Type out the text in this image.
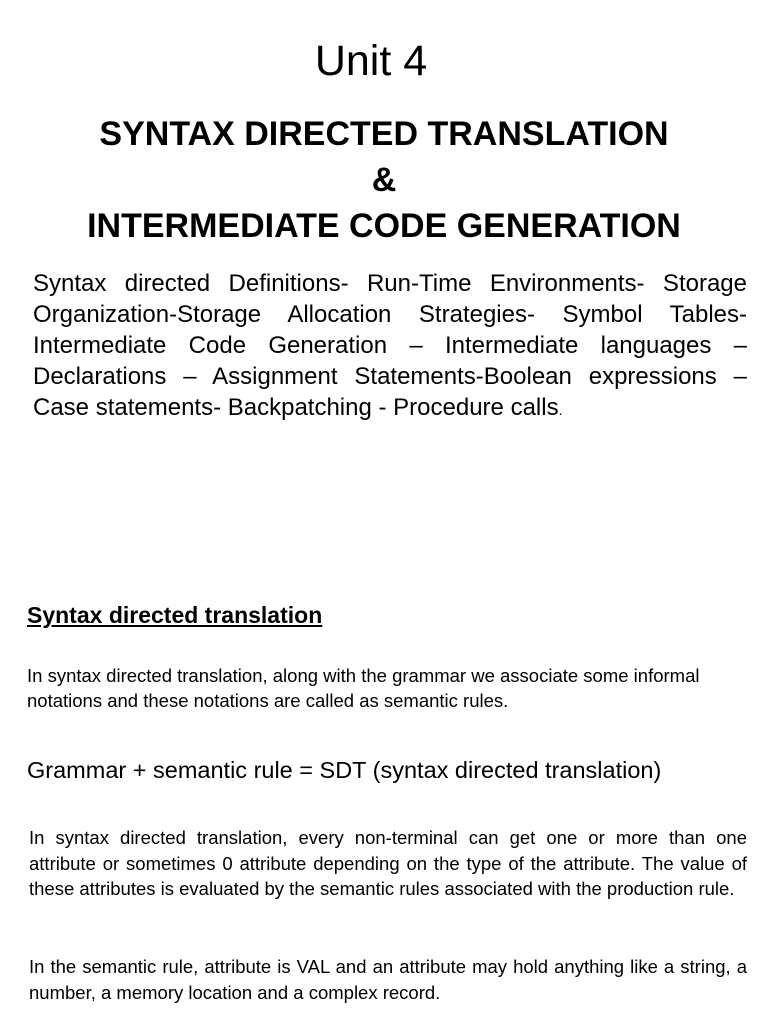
Unit 4
SYNTAX DIRECTED TRANSLATION
&
INTERMEDIATE CODE GENERATION

Syntax directed Definitions- Run-Time Environments- Storage Organization-Storage Allocation Strategies- Symbol Tables- Intermediate Code Generation – Intermediate languages – Declarations – Assignment Statements-Boolean expressions – Case statements- Backpatching - Procedure calls.

Syntax directed translation

In syntax directed translation, along with the grammar we associate some informal notations and these notations are called as semantic rules.

Grammar + semantic rule = SDT (syntax directed translation)

In syntax directed translation, every non-terminal can get one or more than one attribute or sometimes 0 attribute depending on the type of the attribute. The value of these attributes is evaluated by the semantic rules associated with the production rule.

In the semantic rule, attribute is VAL and an attribute may hold anything like a string, a number, a memory location and a complex record.
